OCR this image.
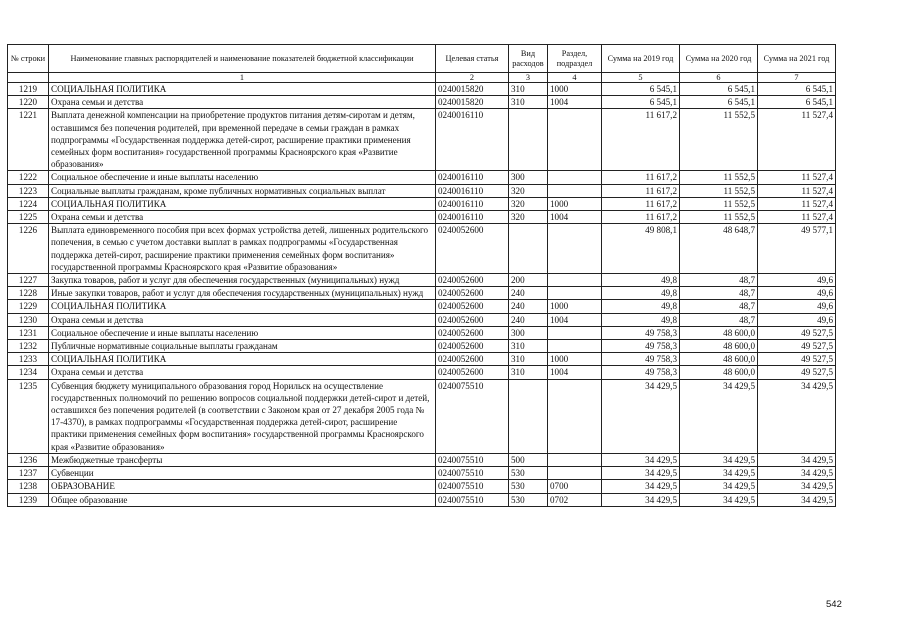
№ строки	Наименование главных распорядителей и наименование показателей бюджетной классификации	Целевая статья	Вид расходов	Раздел, подраздел	Сумма на 2019 год	Сумма на 2020 год	Сумма на 2021 год
	1	2	3	4	5	6	7
1219	СОЦИАЛЬНАЯ ПОЛИТИКА	0240015820	310	1000	6 545,1	6 545,1	6 545,1
1220	Охрана семьи и детства	0240015820	310	1004	6 545,1	6 545,1	6 545,1
1221	Выплата денежной компенсации на приобретение продуктов питания детям-сиротам и детям, оставшимся без попечения родителей, при временной передаче в семьи граждан в рамках подпрограммы «Государственная поддержка детей-сирот, расширение практики применения семейных форм воспитания» государственной программы Красноярского края «Развитие образования»	0240016110			11 617,2	11 552,5	11 527,4
1222	Социальное обеспечение и иные выплаты населению	0240016110	300		11 617,2	11 552,5	11 527,4
1223	Социальные выплаты гражданам, кроме публичных нормативных социальных выплат	0240016110	320		11 617,2	11 552,5	11 527,4
1224	СОЦИАЛЬНАЯ ПОЛИТИКА	0240016110	320	1000	11 617,2	11 552,5	11 527,4
1225	Охрана семьи и детства	0240016110	320	1004	11 617,2	11 552,5	11 527,4
1226	Выплата единовременного пособия при всех формах устройства детей, лишенных родительского попечения, в семью с учетом доставки выплат в рамках подпрограммы «Государственная поддержка детей-сирот, расширение практики применения семейных форм воспитания» государственной программы Красноярского края «Развитие образования»	0240052600			49 808,1	48 648,7	49 577,1
1227	Закупка товаров, работ и услуг для обеспечения государственных (муниципальных) нужд	0240052600	200		49,8	48,7	49,6
1228	Иные закупки товаров, работ и услуг для обеспечения государственных (муниципальных) нужд	0240052600	240		49,8	48,7	49,6
1229	СОЦИАЛЬНАЯ ПОЛИТИКА	0240052600	240	1000	49,8	48,7	49,6
1230	Охрана семьи и детства	0240052600	240	1004	49,8	48,7	49,6
1231	Социальное обеспечение и иные выплаты населению	0240052600	300		49 758,3	48 600,0	49 527,5
1232	Публичные нормативные социальные выплаты гражданам	0240052600	310		49 758,3	48 600,0	49 527,5
1233	СОЦИАЛЬНАЯ ПОЛИТИКА	0240052600	310	1000	49 758,3	48 600,0	49 527,5
1234	Охрана семьи и детства	0240052600	310	1004	49 758,3	48 600,0	49 527,5
1235	Субвенция бюджету муниципального образования город Норильск на осуществление государственных полномочий по решению вопросов социальной поддержки детей-сирот и детей, оставшихся без попечения родителей (в соответствии с Законом края от 27 декабря 2005 года № 17-4370), в рамках подпрограммы «Государственная поддержка детей-сирот, расширение практики применения семейных форм воспитания» государственной программы Красноярского края «Развитие образования»	0240075510			34 429,5	34 429,5	34 429,5
1236	Межбюджетные трансферты	0240075510	500		34 429,5	34 429,5	34 429,5
1237	Субвенции	0240075510	530		34 429,5	34 429,5	34 429,5
1238	ОБРАЗОВАНИЕ	0240075510	530	0700	34 429,5	34 429,5	34 429,5
1239	Общее образование	0240075510	530	0702	34 429,5	34 429,5	34 429,5
542
